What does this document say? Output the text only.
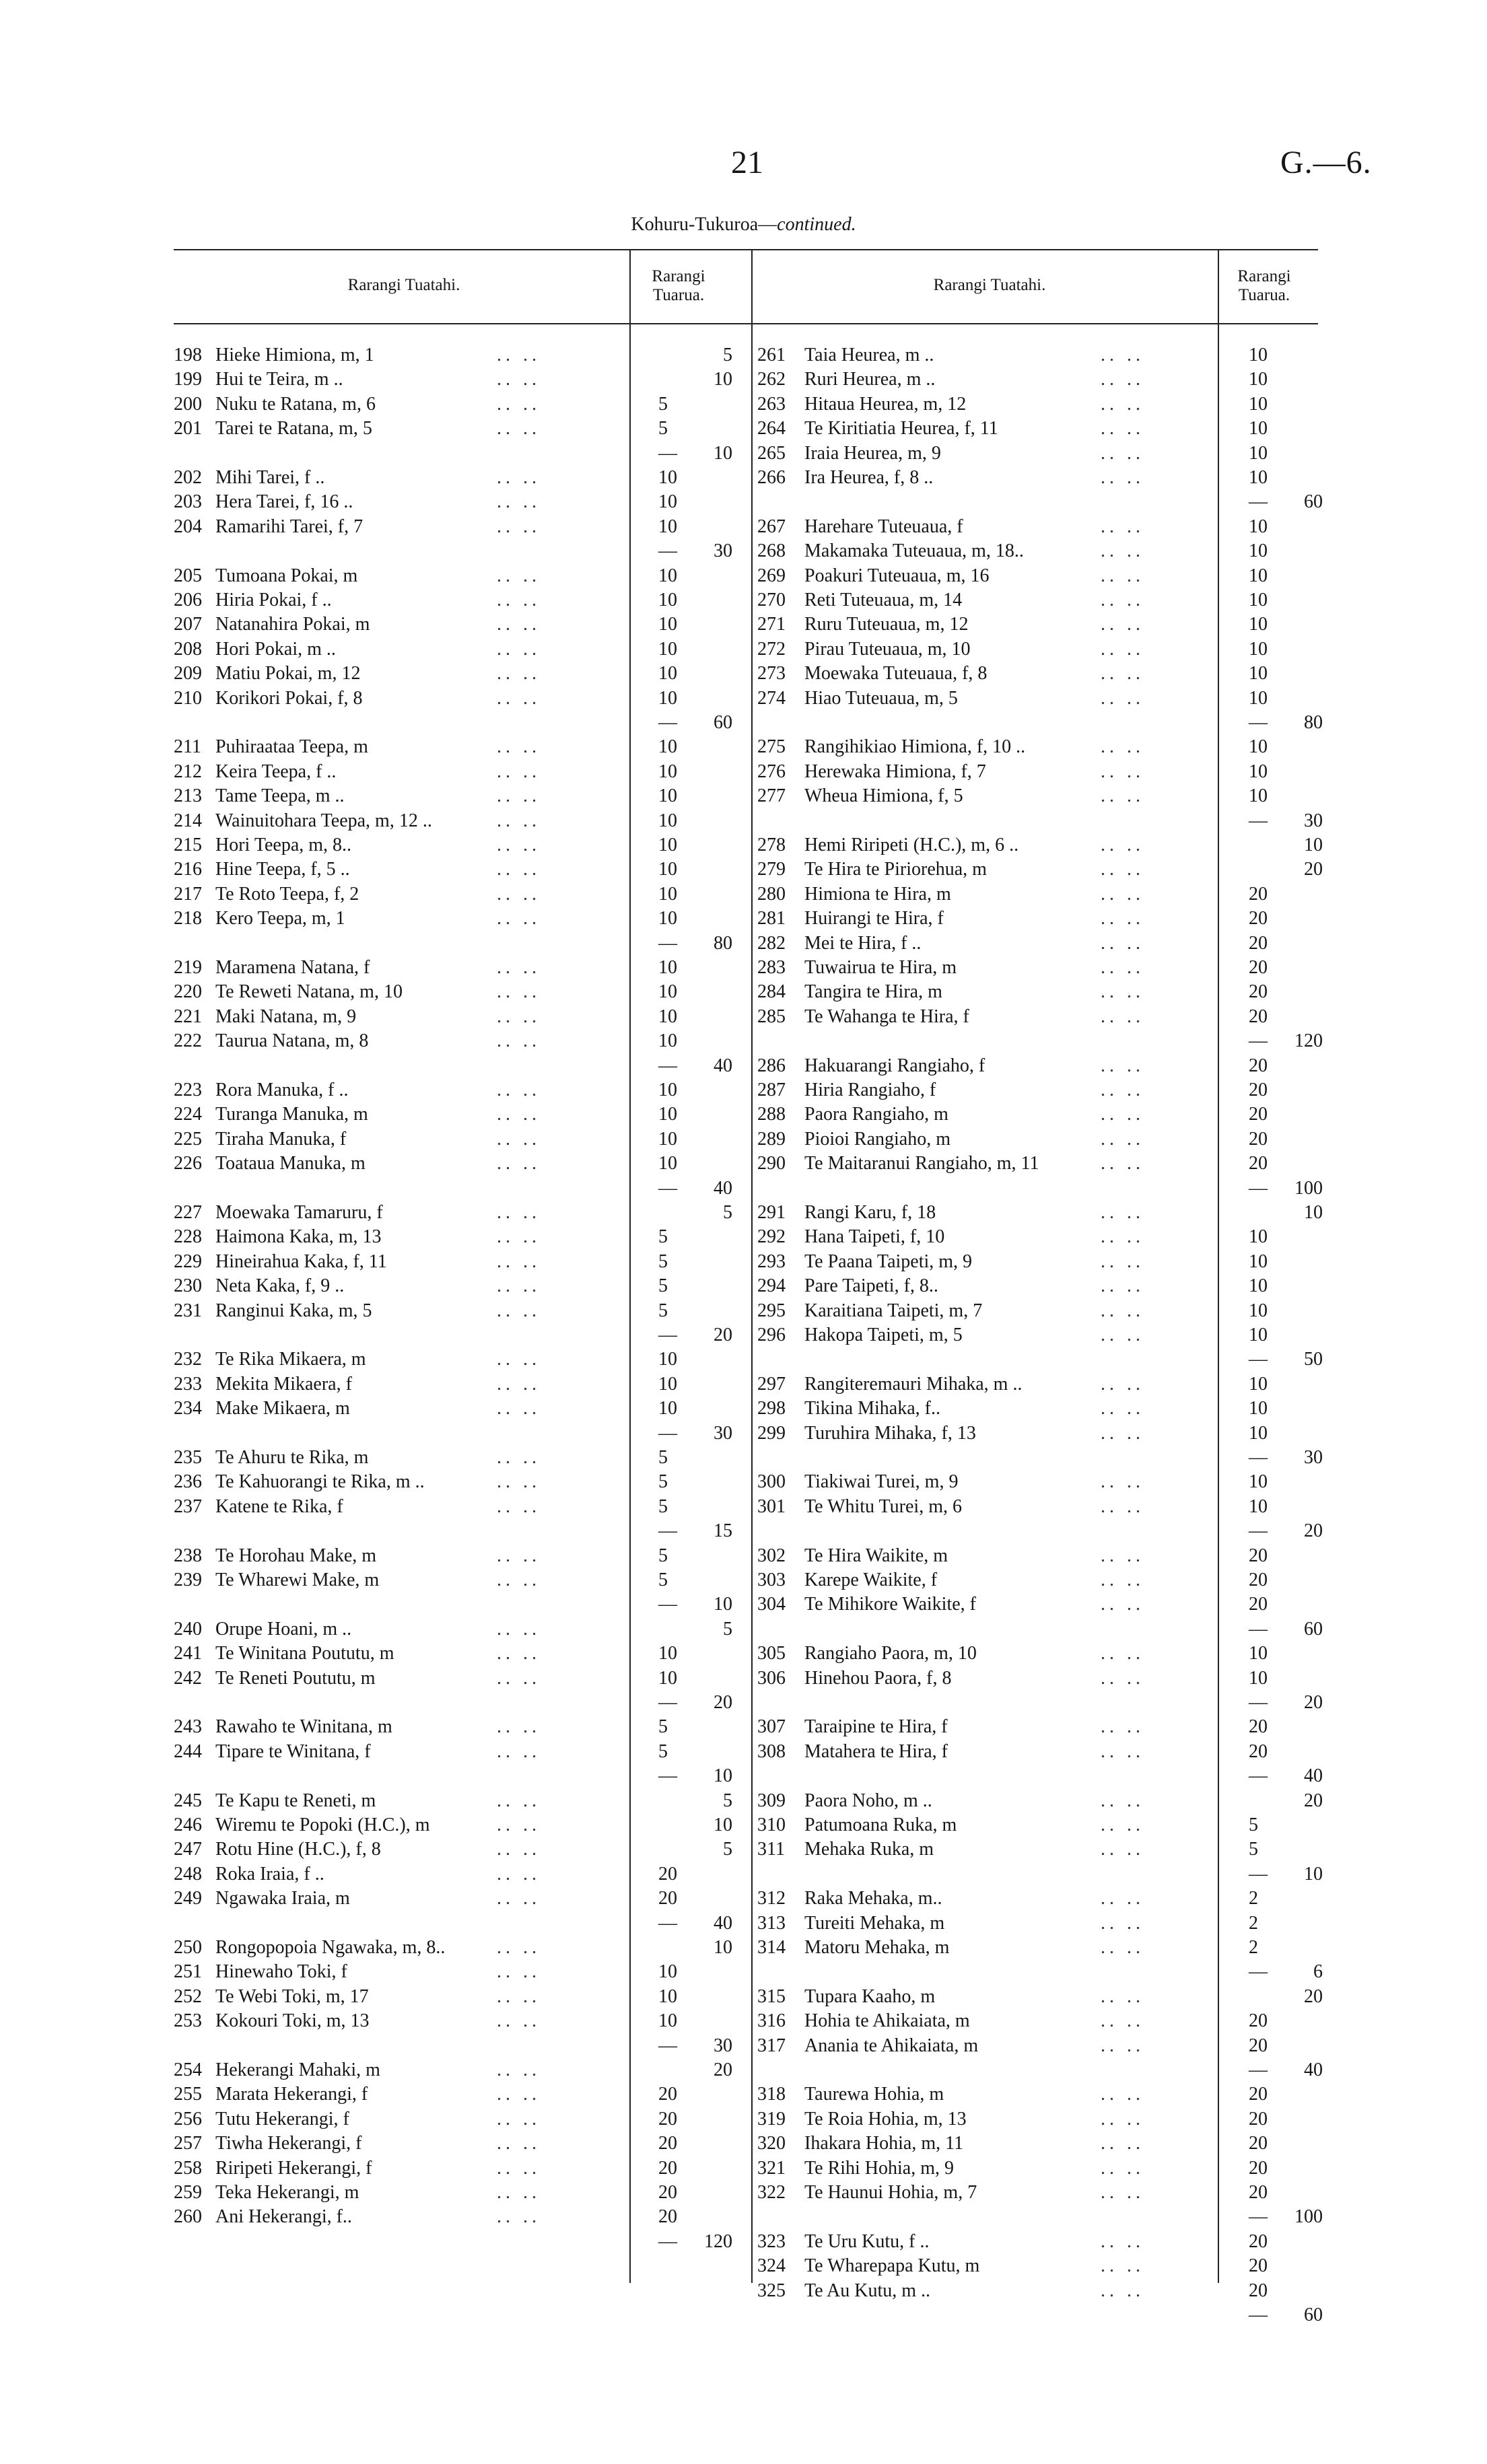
21	G.—6.
Kohuru-Tukuroa—continued.
Rarangi Tuatahi.	Rarangi Tuarua.
Rarangi Tuatahi.	Rarangi Tuarua.
198 Hieke Himiona, m, 1	.. ..	5
199 Hui te Teira, m ..	.. ..	10
200 Nuku te Ratana, m, 6	.. ..	5
201 Tarei te Ratana, m, 5	.. ..	5
—	10
202 Mihi Tarei, f ..	.. ..	10
203 Hera Tarei, f, 16 ..	.. ..	10
204 Ramarihi Tarei, f, 7	.. ..	10
—	30
205 Tumoana Pokai, m	.. ..	10
206 Hiria Pokai, f ..	.. ..	10
207 Natanahira Pokai, m	.. ..	10
208 Hori Pokai, m ..	.. ..	10
209 Matiu Pokai, m, 12	.. ..	10
210 Korikori Pokai, f, 8	.. ..	10
—	60
211 Puhiraataa Teepa, m	.. ..	10
212 Keira Teepa, f ..	.. ..	10
213 Tame Teepa, m ..	.. ..	10
214 Wainuitohara Teepa, m, 12 ..	.. ..	10
215 Hori Teepa, m, 8..	.. ..	10
216 Hine Teepa, f, 5 ..	.. ..	10
217 Te Roto Teepa, f, 2	.. ..	10
218 Kero Teepa, m, 1	.. ..	10
—	80
219 Maramena Natana, f	.. ..	10
220 Te Reweti Natana, m, 10	.. ..	10
221 Maki Natana, m, 9	.. ..	10
222 Taurua Natana, m, 8	.. ..	10
—	40
223 Rora Manuka, f ..	.. ..	10
224 Turanga Manuka, m	.. ..	10
225 Tiraha Manuka, f	.. ..	10
226 Toataua Manuka, m	.. ..	10
—	40
227 Moewaka Tamaruru, f	.. ..	5
228 Haimona Kaka, m, 13	.. ..	5
229 Hineirahua Kaka, f, 11	.. ..	5
230 Neta Kaka, f, 9 ..	.. ..	5
231 Ranginui Kaka, m, 5	.. ..	5
—	20
232 Te Rika Mikaera, m	.. ..	10
233 Mekita Mikaera, f	.. ..	10
234 Make Mikaera, m	.. ..	10
—	30
235 Te Ahuru te Rika, m	.. ..	5
236 Te Kahuorangi te Rika, m ..	.. ..	5
237 Katene te Rika, f	.. ..	5
—	15
238 Te Horohau Make, m	.. ..	5
239 Te Wharewi Make, m	.. ..	5
—	10
240 Orupe Hoani, m ..	.. ..	5
241 Te Winitana Poututu, m	.. ..	10
242 Te Reneti Poututu, m	.. ..	10
—	20
243 Rawaho te Winitana, m	.. ..	5
244 Tipare te Winitana, f	.. ..	5
—	10
245 Te Kapu te Reneti, m	.. ..	5
246 Wiremu te Popoki (H.C.), m	.. ..	10
247 Rotu Hine (H.C.), f, 8	.. ..	5
248 Roka Iraia, f ..	.. ..	20
249 Ngawaka Iraia, m	.. ..	20
—	40
250 Rongopopoia Ngawaka, m, 8..	.. ..	10
251 Hinewaho Toki, f	.. ..	10
252 Te Webi Toki, m, 17	.. ..	10
253 Kokouri Toki, m, 13	.. ..	10
—	30
254 Hekerangi Mahaki, m	.. ..	20
255 Marata Hekerangi, f	.. ..	20
256 Tutu Hekerangi, f	.. ..	20
257 Tiwha Hekerangi, f	.. ..	20
258 Riripeti Hekerangi, f	.. ..	20
259 Teka Hekerangi, m	.. ..	20
260 Ani Hekerangi, f..	.. ..	20
—	120
261	Taia Heurea, m ..	.. ..	10
262	Ruri Heurea, m ..	.. ..	10
263	Hitaua Heurea, m, 12	.. ..	10
264	Te Kiritiatia Heurea, f, 11	.. ..	10
265	Iraia Heurea, m, 9	.. ..	10
266	Ira Heurea, f, 8 ..	.. ..	10
—	60
267	Harehare Tuteuaua, f	.. ..	10
268	Makamaka Tuteuaua, m, 18..	.. ..	10
269	Poakuri Tuteuaua, m, 16	.. ..	10
270	Reti Tuteuaua, m, 14	.. ..	10
271	Ruru Tuteuaua, m, 12	.. ..	10
272	Pirau Tuteuaua, m, 10	.. ..	10
273	Moewaka Tuteuaua, f, 8	.. ..	10
274	Hiao Tuteuaua, m, 5	.. ..	10
—	80
275	Rangihikiao Himiona, f, 10 ..	.. ..	10
276	Herewaka Himiona, f, 7	.. ..	10
277	Wheua Himiona, f, 5	.. ..	10
—	30
278	Hemi Riripeti (H.C.), m, 6 ..	.. ..	10
279	Te Hira te Piriorehua, m	.. ..	20
280	Himiona te Hira, m	.. ..	20
281	Huirangi te Hira, f	.. ..	20
282	Mei te Hira, f ..	.. ..	20
283	Tuwairua te Hira, m	.. ..	20
284	Tangira te Hira, m	.. ..	20
285	Te Wahanga te Hira, f	.. ..	20
—	120
286	Hakuarangi Rangiaho, f	.. ..	20
287	Hiria Rangiaho, f	.. ..	20
288	Paora Rangiaho, m	.. ..	20
289	Pioioi Rangiaho, m	.. ..	20
290	Te Maitaranui Rangiaho, m, 11	.. ..	20
—	100
291	Rangi Karu, f, 18	.. ..	10
292	Hana Taipeti, f, 10	.. ..	10
293	Te Paana Taipeti, m, 9	.. ..	10
294	Pare Taipeti, f, 8..	.. ..	10
295	Karaitiana Taipeti, m, 7	.. ..	10
296	Hakopa Taipeti, m, 5	.. ..	10
—	50
297	Rangiteremauri Mihaka, m ..	.. ..	10
298	Tikina Mihaka, f..	.. ..	10
299	Turuhira Mihaka, f, 13	.. ..	10
—	30
300	Tiakiwai Turei, m, 9	.. ..	10
301	Te Whitu Turei, m, 6	.. ..	10
—	20
302	Te Hira Waikite, m	.. ..	20
303	Karepe Waikite, f	.. ..	20
304	Te Mihikore Waikite, f	.. ..	20
—	60
305	Rangiaho Paora, m, 10	.. ..	10
306	Hinehou Paora, f, 8	.. ..	10
—	20
307	Taraipine te Hira, f	.. ..	20
308	Matahera te Hira, f	.. ..	20
—	40
309	Paora Noho, m ..	.. ..	20
310	Patumoana Ruka, m	.. ..	5
311	Mehaka Ruka, m	.. ..	5
—	10
312	Raka Mehaka, m..	.. ..	2
313	Tureiti Mehaka, m	.. ..	2
314	Matoru Mehaka, m	.. ..	2
—	6
315	Tupara Kaaho, m	.. ..	20
316	Hohia te Ahikaiata, m	.. ..	20
317	Anania te Ahikaiata, m	.. ..	20
—	40
318	Taurewa Hohia, m	.. ..	20
319	Te Roia Hohia, m, 13	.. ..	20
320	Ihakara Hohia, m, 11	.. ..	20
321	Te Rihi Hohia, m, 9	.. ..	20
322	Te Haunui Hohia, m, 7	.. ..	20
—	100
323	Te Uru Kutu, f ..	.. ..	20
324	Te Wharepapa Kutu, m	.. ..	20
325	Te Au Kutu, m ..	.. ..	20
—	60
